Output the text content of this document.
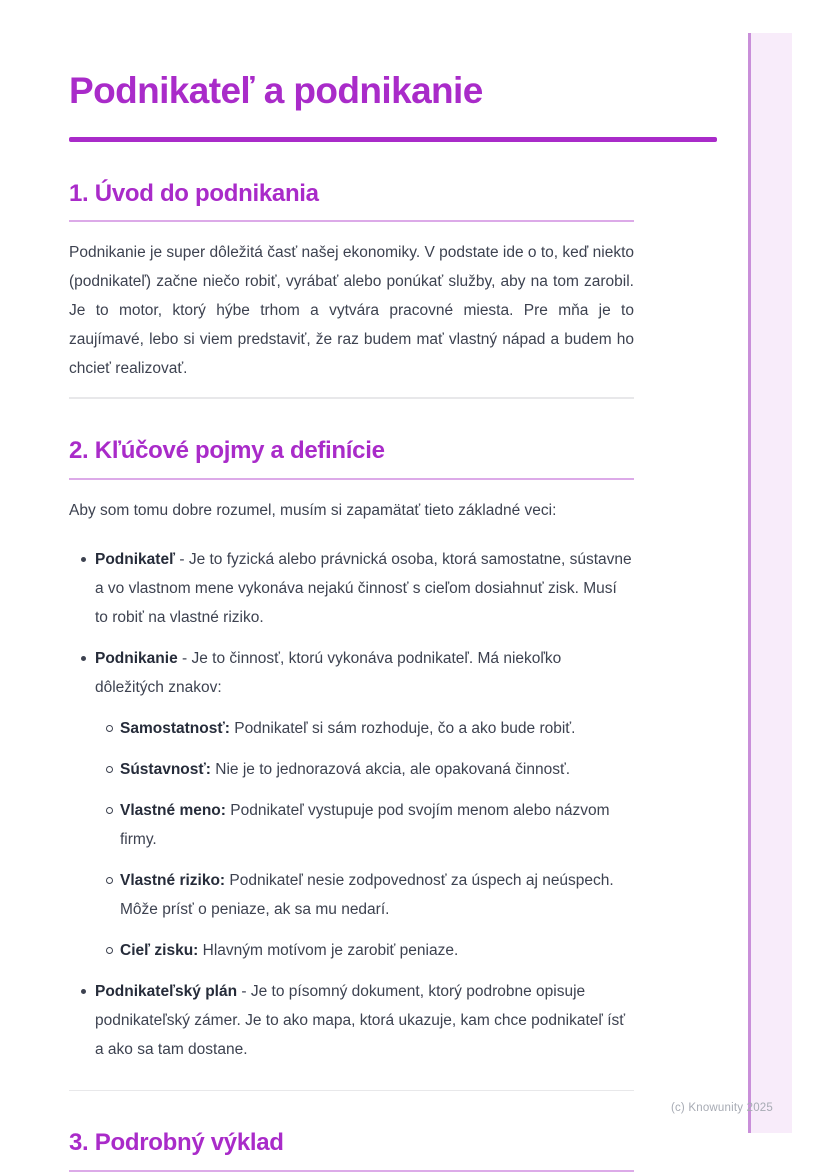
Podnikateľ a podnikanie
1. Úvod do podnikania

Podnikanie je super dôležitá časť našej ekonomiky. V podstate ide o to, keď niekto (podnikateľ) začne niečo robiť, vyrábať alebo ponúkať služby, aby na tom zarobil. Je to motor, ktorý hýbe trhom a vytvára pracovné miesta. Pre mňa je to zaujímavé, lebo si viem predstaviť, že raz budem mať vlastný nápad a budem ho chcieť realizovať.

2. Kľúčové pojmy a definície

Aby som tomu dobre rozumel, musím si zapamätať tieto základné veci:

Podnikateľ - Je to fyzická alebo právnická osoba, ktorá samostatne, sústavne a vo vlastnom mene vykonáva nejakú činnosť s cieľom dosiahnuť zisk. Musí to robiť na vlastné riziko.
Podnikanie - Je to činnosť, ktorú vykonáva podnikateľ. Má niekoľko dôležitých znakov:
Samostatnosť: Podnikateľ si sám rozhoduje, čo a ako bude robiť.
Sústavnosť: Nie je to jednorazová akcia, ale opakovaná činnosť.
Vlastné meno: Podnikateľ vystupuje pod svojím menom alebo názvom firmy.
Vlastné riziko: Podnikateľ nesie zodpovednosť za úspech aj neúspech. Môže prísť o peniaze, ak sa mu nedarí.
Cieľ zisku: Hlavným motívom je zarobiť peniaze.
Podnikateľský plán - Je to písomný dokument, ktorý podrobne opisuje podnikateľský zámer. Je to ako mapa, ktorá ukazuje, kam chce podnikateľ ísť a ako sa tam dostane.
3. Podrobný výklad
(c) Knowunity 2025
